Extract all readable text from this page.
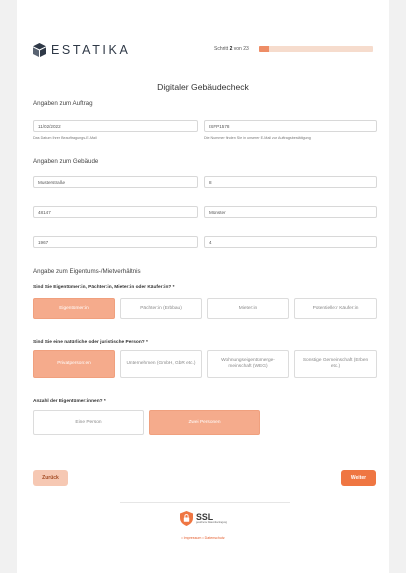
ESTATIKA	Schritt 2 von 23
Digitaler Gebäudecheck
Angaben zum Auftrag
11/02/2022
Das Datum Ihrer Beauftragungs-E-Mail
ISFP1578	Die Nummer finden Sie in unserer E-Mail zur Auftragsbestätigung
Angaben zum Gebäude
Musterstraße
8
48147
Münster
1967
4
Angabe zum Eigentums-/Mietverhältnis
Sind Sie Eigentümer:in, Pächter:in, Mieter:in oder Käufer:in? *
Eigentümer:in	Pächter:in (Erbbau)	Mieter:in	Potentielle:r Käufer:in
Sind Sie eine natürliche oder juristische Person? *
Privatperson:en	Unternehmen (GmbH, GbR etc.)
Wohnungseigentümerge-meinschaft (WEG)
Sonstige Gemeinschaft (Erben etc.)
Anzahl der Eigentümer:innen? *
Eine Person	Zwei Personen
Zurück	Weiter
SSL
gesicherte Datenübertragung
• Impressum • Datenschutz
